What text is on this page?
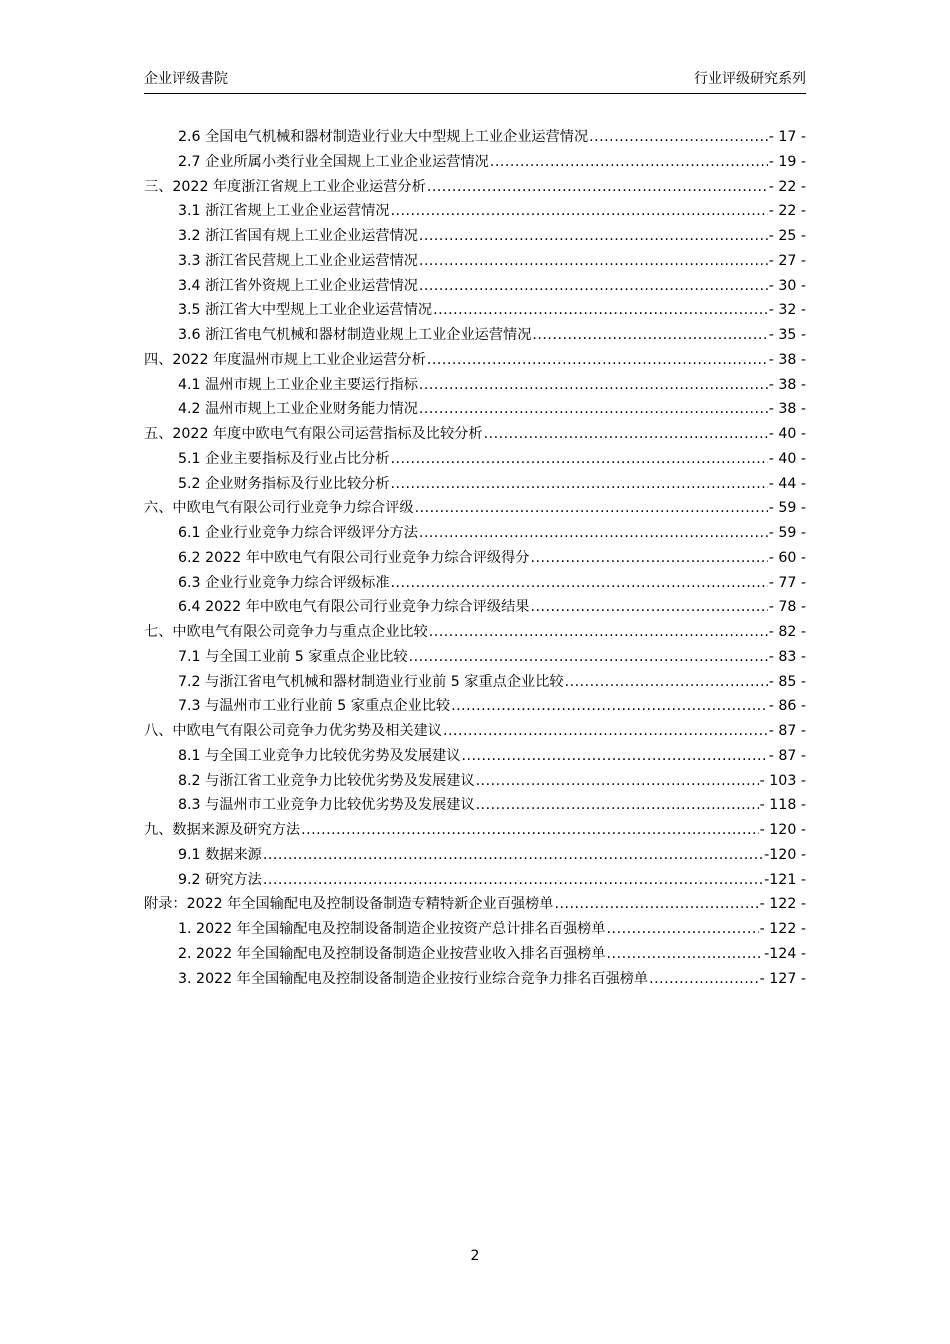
企业评级書院	行业评级研究系列
2.6 全国电气机械和器材制造业行业大中型规上工业企业运营情况 .....	- 17 -
2.7 企业所属小类行业全国规上工业企业运营情况 .....	- 19 -
三、2022 年度浙江省规上工业企业运营分析 .....	- 22 -
3.1 浙江省规上工业企业运营情况 .....	- 22 -
3.2 浙江省国有规上工业企业运营情况 .....	- 25 -
3.3 浙江省民营规上工业企业运营情况 .....	- 27 -
3.4 浙江省外资规上工业企业运营情况 .....	- 30 -
3.5 浙江省大中型规上工业企业运营情况 .....	- 32 -
3.6 浙江省电气机械和器材制造业规上工业企业运营情况 .....	- 35 -
四、2022 年度温州市规上工业企业运营分析 .....	- 38 -
4.1 温州市规上工业企业主要运行指标 .....	- 38 -
4.2 温州市规上工业企业财务能力情况 .....	- 38 -
五、2022 年度中欧电气有限公司运营指标及比较分析 .....	- 40 -
5.1 企业主要指标及行业占比分析 .....	- 40 -
5.2 企业财务指标及行业比较分析 .....	- 44 -
六、中欧电气有限公司行业竞争力综合评级 .....	- 59 -
6.1 企业行业竞争力综合评级评分方法 .....	- 59 -
6.2 2022 年中欧电气有限公司行业竞争力综合评级得分 .....	- 60 -
6.3 企业行业竞争力综合评级标准 .....	- 77 -
6.4 2022 年中欧电气有限公司行业竞争力综合评级结果 .....	- 78 -
七、中欧电气有限公司竞争力与重点企业比较 .....	- 82 -
7.1 与全国工业前 5 家重点企业比较 .....	- 83 -
7.2 与浙江省电气机械和器材制造业行业前 5 家重点企业比较 .....	- 85 -
7.3 与温州市工业行业前 5 家重点企业比较 .....	- 86 -
八、中欧电气有限公司竞争力优劣势及相关建议 .....	- 87 -
8.1 与全国工业竞争力比较优劣势及发展建议 .....	- 87 -
8.2 与浙江省工业竞争力比较优劣势及发展建议 .....	- 103 -
8.3 与温州市工业竞争力比较优劣势及发展建议 .....	- 118 -
九、数据来源及研究方法 .....	- 120 -
9.1 数据来源 .....	-120 -
9.2 研究方法 .....	-121 -
附录：2022 年全国输配电及控制设备制造专精特新企业百强榜单 .....	- 122 -
1. 2022 年全国输配电及控制设备制造企业按资产总计排名百强榜单 .....	- 122 -
2. 2022 年全国输配电及控制设备制造企业按营业收入排名百强榜单 .....	-124 -
3. 2022 年全国输配电及控制设备制造企业按行业综合竞争力排名百强榜单 .....	- 127 -
2
